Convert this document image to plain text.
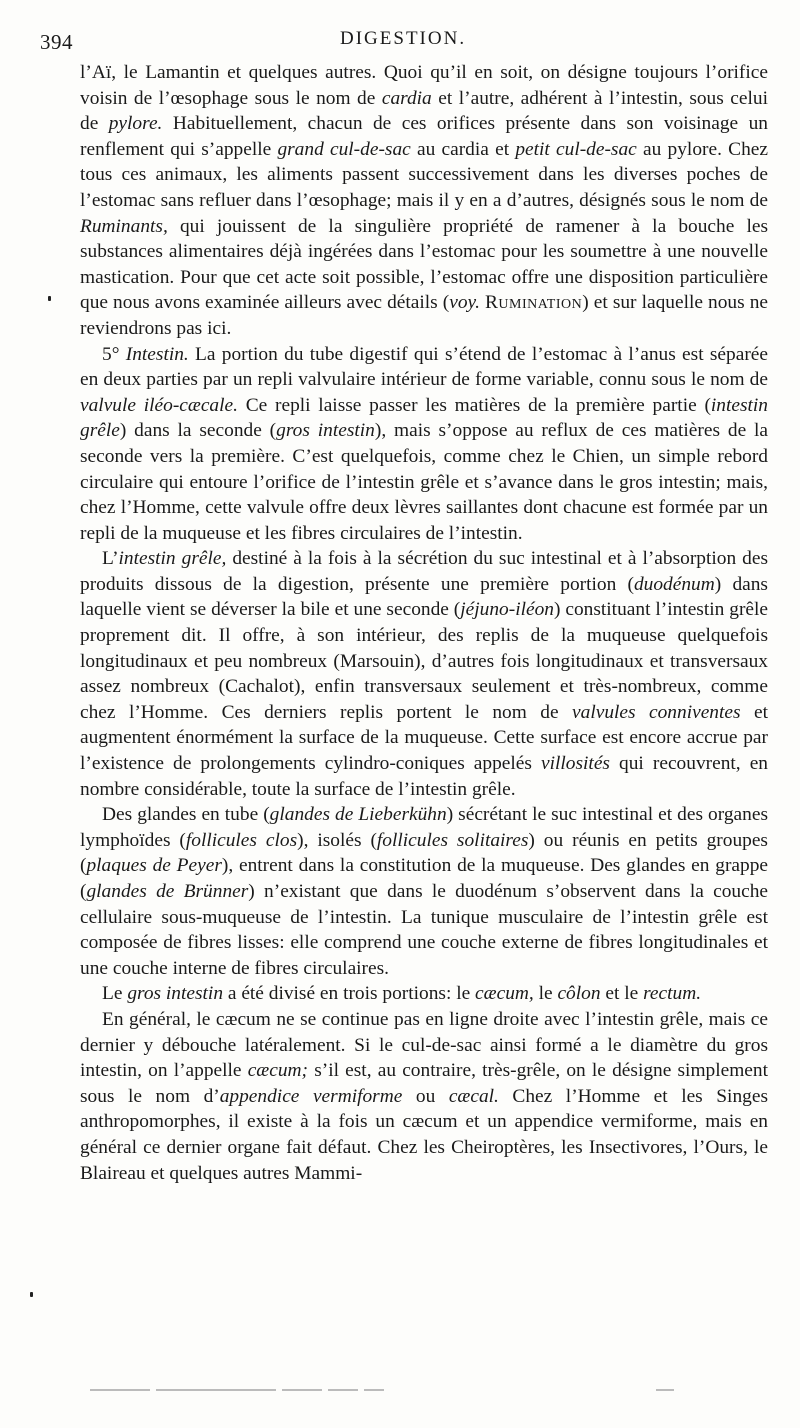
394	DIGESTION.

l’Aï, le Lamantin et quelques autres. Quoi qu’il en soit, on désigne toujours l’orifice voisin de l’œsophage sous le nom de cardia et l’autre, adhérent à l’intestin, sous celui de pylore. Habituellement, chacun de ces orifices présente dans son voisinage un renflement qui s’appelle grand cul-de-sac au cardia et petit cul-de-sac au pylore. Chez tous ces animaux, les aliments passent successivement dans les diverses poches de l’estomac sans refluer dans l’œsophage; mais il y en a d’autres, désignés sous le nom de Ruminants, qui jouissent de la singulière propriété de ramener à la bouche les substances alimentaires déjà ingérées dans l’estomac pour les soumettre à une nouvelle mastication. Pour que cet acte soit possible, l’estomac offre une disposition particulière que nous avons examinée ailleurs avec détails (voy. Rumination) et sur laquelle nous ne reviendrons pas ici.

5° Intestin. La portion du tube digestif qui s’étend de l’estomac à l’anus est séparée en deux parties par un repli valvulaire intérieur de forme variable, connu sous le nom de valvule iléo-cæcale. Ce repli laisse passer les matières de la première partie (intestin grêle) dans la seconde (gros intestin), mais s’oppose au reflux de ces matières de la seconde vers la première. C’est quelquefois, comme chez le Chien, un simple rebord circulaire qui entoure l’orifice de l’intestin grêle et s’avance dans le gros intestin; mais, chez l’Homme, cette valvule offre deux lèvres saillantes dont chacune est formée par un repli de la muqueuse et les fibres circulaires de l’intestin.

L’intestin grêle, destiné à la fois à la sécrétion du suc intestinal et à l’absorption des produits dissous de la digestion, présente une première portion (duodénum) dans laquelle vient se déverser la bile et une seconde (jéjuno-iléon) constituant l’intestin grêle proprement dit. Il offre, à son intérieur, des replis de la muqueuse quelquefois longitudinaux et peu nombreux (Marsouin), d’autres fois longitudinaux et transversaux assez nombreux (Cachalot), enfin transversaux seulement et très-nombreux, comme chez l’Homme. Ces derniers replis portent le nom de valvules conniventes et augmentent énormément la surface de la muqueuse. Cette surface est encore accrue par l’existence de prolongements cylindro-coniques appelés villosités qui recouvrent, en nombre considérable, toute la surface de l’intestin grêle.

Des glandes en tube (glandes de Lieberkühn) sécrétant le suc intestinal et des organes lymphoïdes (follicules clos), isolés (follicules solitaires) ou réunis en petits groupes (plaques de Peyer), entrent dans la constitution de la muqueuse. Des glandes en grappe (glandes de Brünner) n’existant que dans le duodénum s’observent dans la couche cellulaire sous-muqueuse de l’intestin. La tunique musculaire de l’intestin grêle est composée de fibres lisses: elle comprend une couche externe de fibres longitudinales et une couche interne de fibres circulaires.

Le gros intestin a été divisé en trois portions: le cæcum, le côlon et le rectum.

En général, le cæcum ne se continue pas en ligne droite avec l’intestin grêle, mais ce dernier y débouche latéralement. Si le cul-de-sac ainsi formé a le diamètre du gros intestin, on l’appelle cæcum; s’il est, au contraire, très-grêle, on le désigne simplement sous le nom d’appendice vermiforme ou cæcal. Chez l’Homme et les Singes anthropomorphes, il existe à la fois un cæcum et un appendice vermiforme, mais en général ce dernier organe fait défaut. Chez les Cheiroptères, les Insectivores, l’Ours, le Blaireau et quelques autres Mammi-
